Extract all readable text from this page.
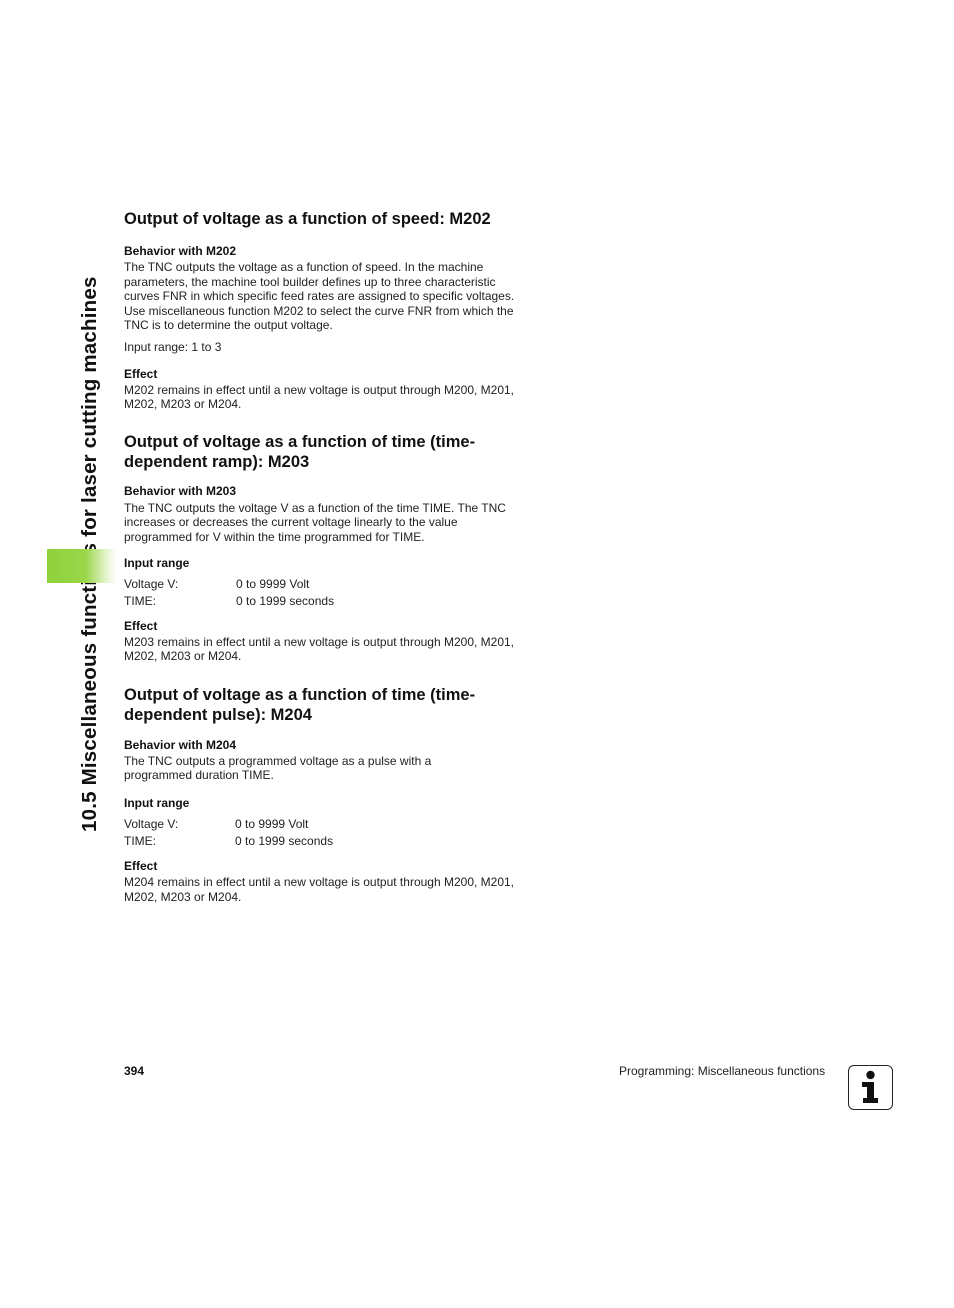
Output of voltage as a function of speed: M202
Behavior with M202

The TNC outputs the voltage as a function of speed. In the machine parameters, the machine tool builder defines up to three characteristic curves FNR in which specific feed rates are assigned to specific voltages. Use miscellaneous function M202 to select the curve FNR from which the TNC is to determine the output voltage.

Input range: 1 to 3

Effect

M202 remains in effect until a new voltage is output through M200, M201, M202, M203 or M204.

Output of voltage as a function of time (time-
dependent ramp): M203
Behavior with M203

The TNC outputs the voltage V as a function of the time TIME. The TNC increases or decreases the current voltage linearly to the value programmed for V within the time programmed for TIME.

Input range
Voltage V:	0 to 9999 Volt
TIME:	0 to 1999 seconds
Effect

M203 remains in effect until a new voltage is output through M200, M201, M202, M203 or M204.

Output of voltage as a function of time (time-
dependent pulse): M204
Behavior with M204

The TNC outputs a programmed voltage as a pulse with a programmed duration TIME.

Input range
Voltage V:	0 to 9999 Volt
TIME:	0 to 1999 seconds
Effect

M204 remains in effect until a new voltage is output through M200, M201, M202, M203 or M204.

394	Programming: Miscellaneous functions
